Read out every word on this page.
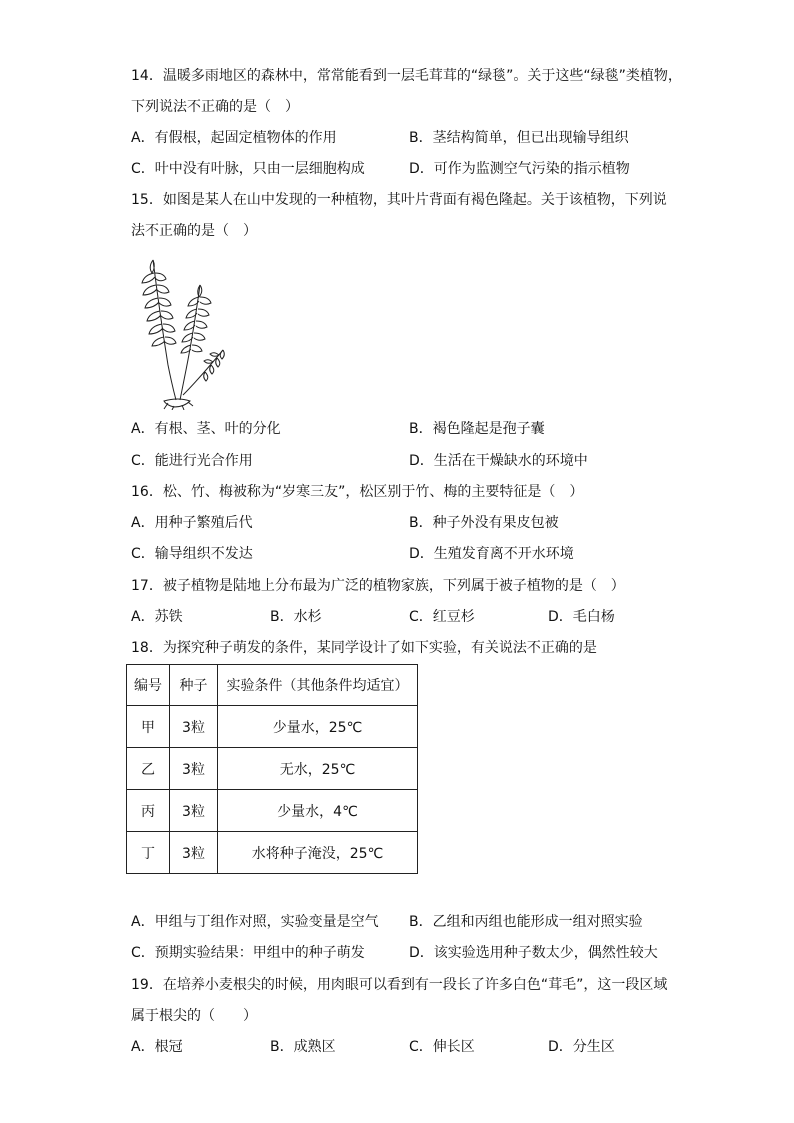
14．温暖多雨地区的森林中，常常能看到一层毛茸茸的“绿毯”。关于这些“绿毯”类植物，
下列说法不正确的是（　）
A．有假根，起固定植物体的作用	B．茎结构简单，但已出现输导组织
C．叶中没有叶脉，只由一层细胞构成	D．可作为监测空气污染的指示植物
15．如图是某人在山中发现的一种植物，其叶片背面有褐色隆起。关于该植物，下列说
法不正确的是（　）
A．有根、茎、叶的分化	B．褐色隆起是孢子囊
C．能进行光合作用	D．生活在干燥缺水的环境中
16．松、竹、梅被称为“岁寒三友”，松区别于竹、梅的主要特征是（　）
A．用种子繁殖后代	B．种子外没有果皮包被
C．输导组织不发达	D．生殖发育离不开水环境
17．被子植物是陆地上分布最为广泛的植物家族，下列属于被子植物的是（　）
A．苏铁	B．水杉	C．红豆杉	D．毛白杨
18．为探究种子萌发的条件，某同学设计了如下实验，有关说法不正确的是
编号	种子	实验条件（其他条件均适宜）
甲	3粒	少量水，25℃
乙	3粒	无水，25℃
丙	3粒	少量水，4℃
丁	3粒	水将种子淹没，25℃
A．甲组与丁组作对照，实验变量是空气 B．乙组和丙组也能形成一组对照实验
C．预期实验结果：甲组中的种子萌发	D．该实验选用种子数太少，偶然性较大
19．在培养小麦根尖的时候，用肉眼可以看到有一段长了许多白色“茸毛”，这一段区域
属于根尖的（　　）
A．根冠	B．成熟区	C．伸长区	D．分生区
